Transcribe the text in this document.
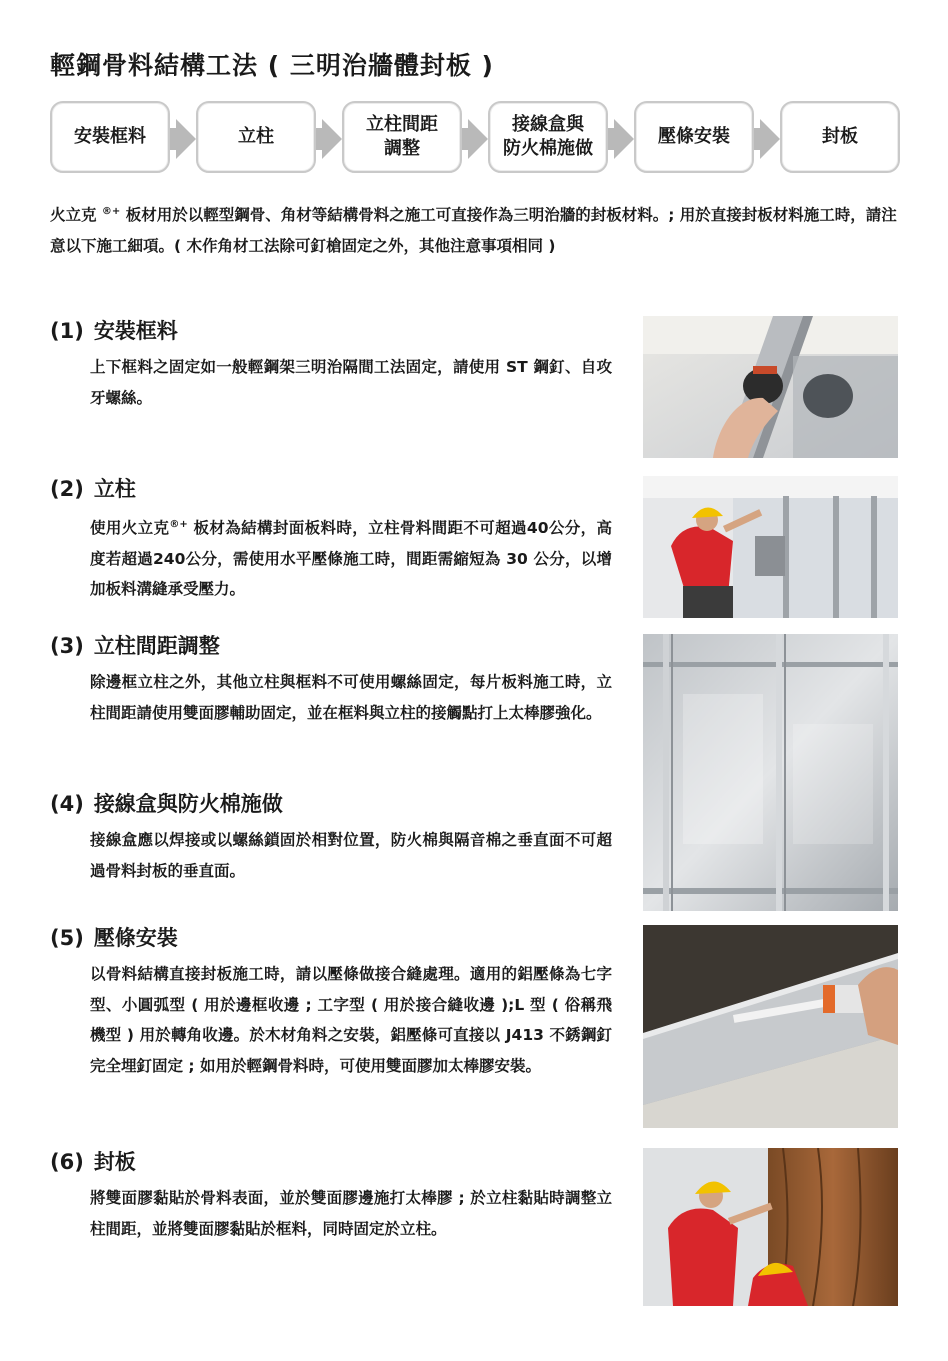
輕鋼骨料結構工法 ( 三明治牆體封板 )
安裝框料	立柱
立柱間距
調整
接線盒與
防火棉施做
壓條安裝	封板

火立克 ®+ 板材用於以輕型鋼骨、角材等結構骨料之施工可直接作為三明治牆的封板材料。; 用於直接封板材料施工時，請注意以下施工細項。( 木作角材工法除可釘槍固定之外，其他注意事項相同 )

(1) 安裝框料

上下框料之固定如一般輕鋼架三明治隔間工法固定，請使用 ST 鋼釘、自攻牙螺絲。

(2) 立柱

使用火立克®+ 板材為結構封面板料時，立柱骨料間距不可超過40公分，高度若超過240公分，需使用水平壓條施工時，間距需縮短為 30 公分，以增加板料溝縫承受壓力。

(3) 立柱間距調整

除邊框立柱之外，其他立柱與框料不可使用螺絲固定，每片板料施工時，立柱間距請使用雙面膠輔助固定，並在框料與立柱的接觸點打上太棒膠強化。

(4) 接線盒與防火棉施做

接線盒應以焊接或以螺絲鎖固於相對位置，防火棉與隔音棉之垂直面不可超過骨料封板的垂直面。

(5) 壓條安裝

以骨料結構直接封板施工時，請以壓條做接合縫處理。適用的鋁壓條為七字型、小圓弧型 ( 用於邊框收邊 ; 工字型 ( 用於接合縫收邊 );L 型 ( 俗稱飛機型 ) 用於轉角收邊。於木材角料之安裝，鋁壓條可直接以 J413 不銹鋼釘完全埋釘固定 ; 如用於輕鋼骨料時，可使用雙面膠加太棒膠安裝。

(6) 封板

將雙面膠黏貼於骨料表面，並於雙面膠邊施打太棒膠 ; 於立柱黏貼時調整立柱間距，並將雙面膠黏貼於框料，同時固定於立柱。
